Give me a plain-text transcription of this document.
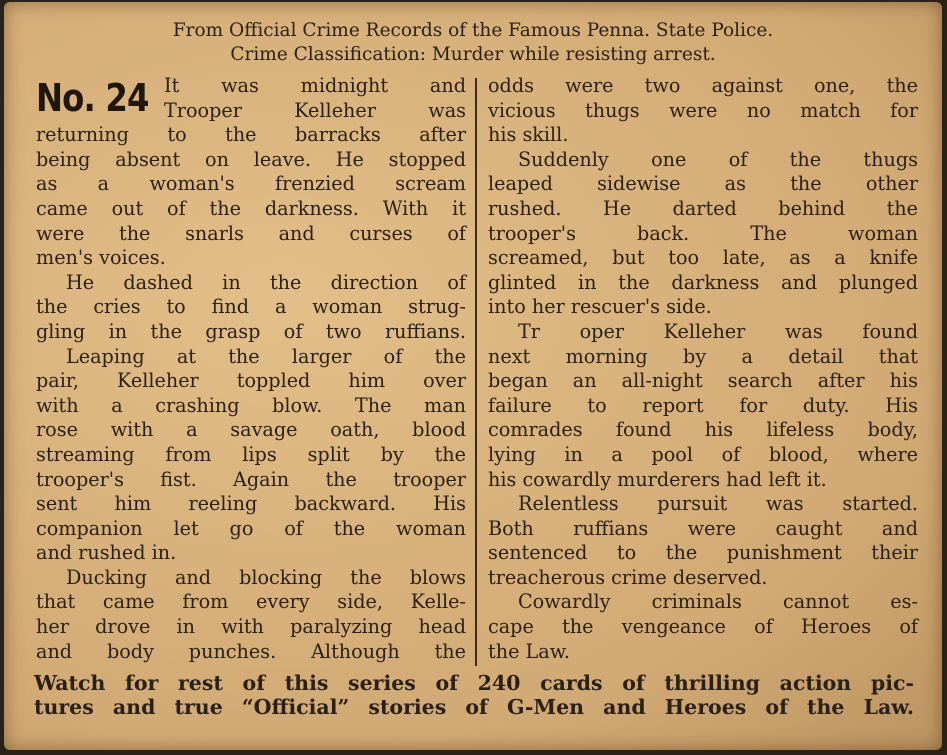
From Official Crime Records of the Famous Penna. State Police.
Crime Classification: Murder while resisting arrest.
No. 24 It was midnight and
Trooper Kelleher was
returning to the barracks after
being absent on leave. He stopped
as a woman's frenzied scream
came out of the darkness. With it
were the snarls and curses of
men's voices.
He dashed in the direction of
the cries to find a woman strug-
gling in the grasp of two ruffians.
Leaping at the larger of the
pair, Kelleher toppled him over
with a crashing blow. The man
rose with a savage oath, blood
streaming from lips split by the
trooper's fist. Again the trooper
sent him reeling backward. His
companion let go of the woman
and rushed in.
Ducking and blocking the blows
that came from every side, Kelle-
her drove in with paralyzing head
and body punches. Although the
odds were two against one, the
vicious thugs were no match for
his skill.
Suddenly one of the thugs
leaped sidewise as the other
rushed. He darted behind the
trooper's back. The woman
screamed, but too late, as a knife
glinted in the darkness and plunged
into her rescuer's side.
Tr oper Kelleher was found
next morning by a detail that
began an all-night search after his
failure to report for duty. His
comrades found his lifeless body,
lying in a pool of blood, where
his cowardly murderers had left it.
Relentless pursuit was started.
Both ruffians were caught and
sentenced to the punishment their
treacherous crime deserved.
Cowardly criminals cannot es-
cape the vengeance of Heroes of
the Law.
Watch for rest of this series of 240 cards of thrilling action pic-
tures and true “Official” stories of G-Men and Heroes of the Law.
